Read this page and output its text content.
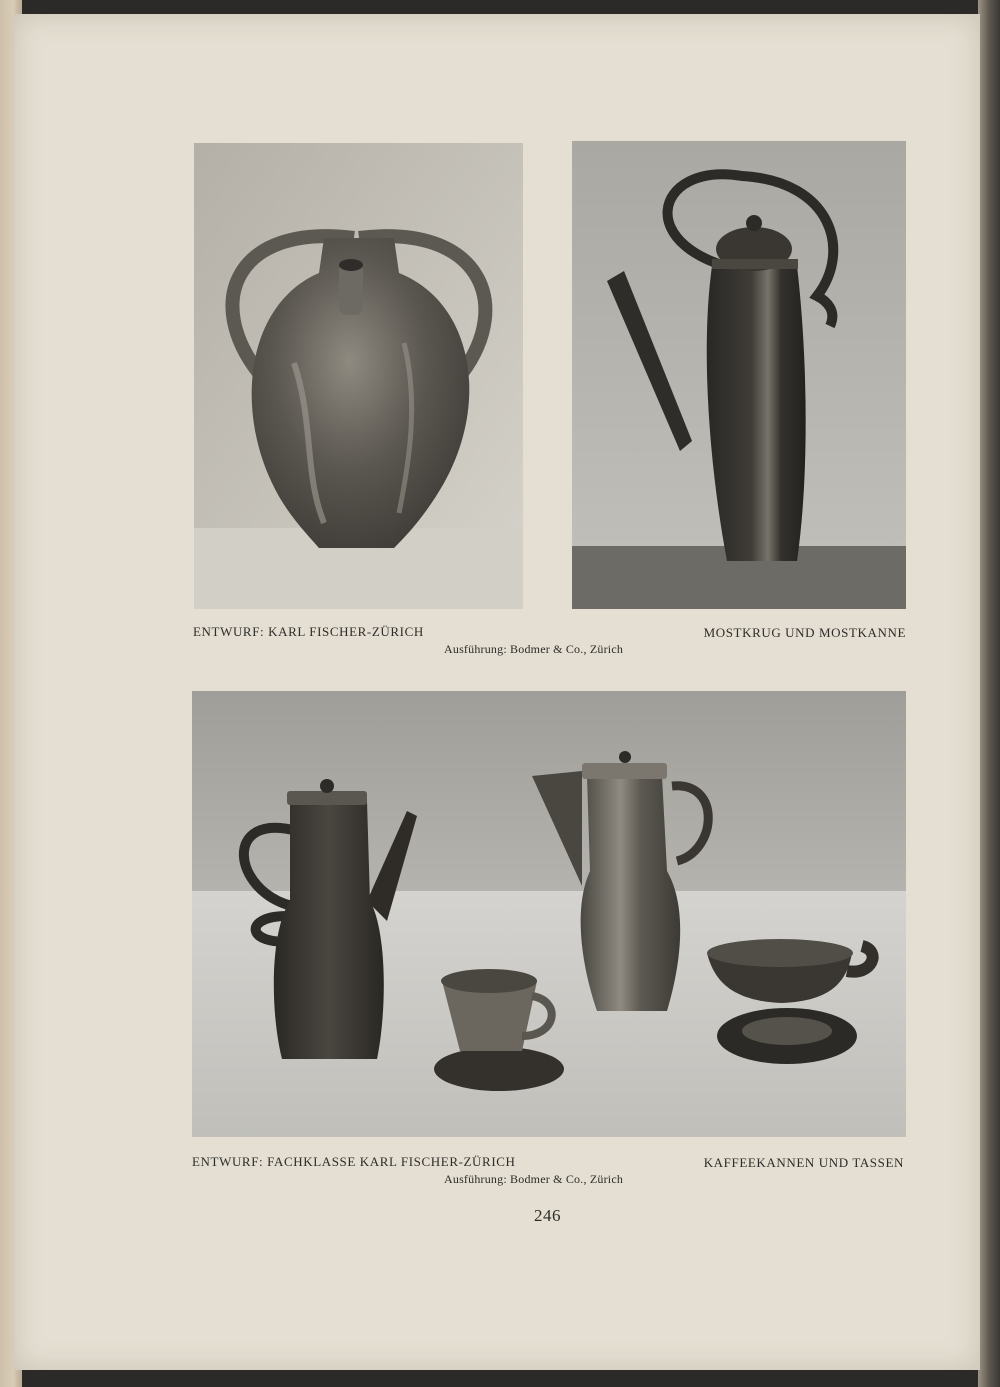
ENTWURF: KARL FISCHER-ZÜRICH	MOSTKRUG UND MOSTKANNE
Ausführung: Bodmer & Co., Zürich
ENTWURF: FACHKLASSE KARL FISCHER-ZÜRICH	KAFFEEKANNEN UND TASSEN
Ausführung: Bodmer & Co., Zürich
246
